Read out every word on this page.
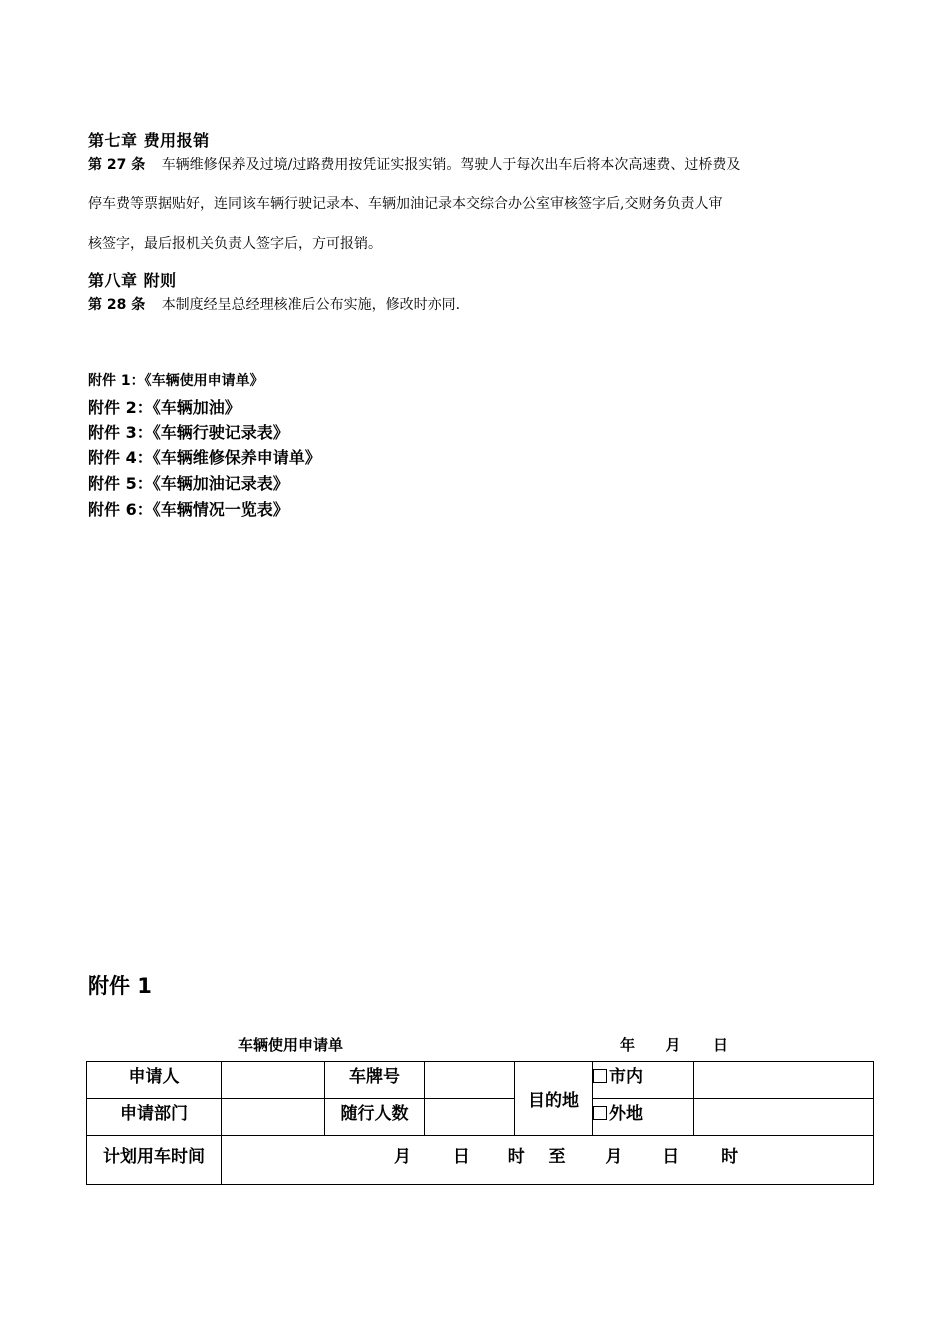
第七章 费用报销
第 27 条 车辆维修保养及过境/过路费用按凭证实报实销。驾驶人于每次出车后将本次高速费、过桥费及
停车费等票据贴好，连同该车辆行驶记录本、车辆加油记录本交综合办公室审核签字后,交财务负责人审
核签字，最后报机关负责人签字后，方可报销。
第八章 附则
第 28 条 本制度经呈总经理核准后公布实施，修改时亦同.
附件 1：《车辆使用申请单》
附件 2：《车辆加油》
附件 3：《车辆行驶记录表》
附件 4：《车辆维修保养申请单》
附件 5：《车辆加油记录表》
附件 6：《车辆情况一览表》
附件 1
车辆使用申请单	年 月 日
申请人		车牌号		目的地	市内	
申请部门		随行人数			外地	
计划用车时间	月 日 时 至 月 日 时					
